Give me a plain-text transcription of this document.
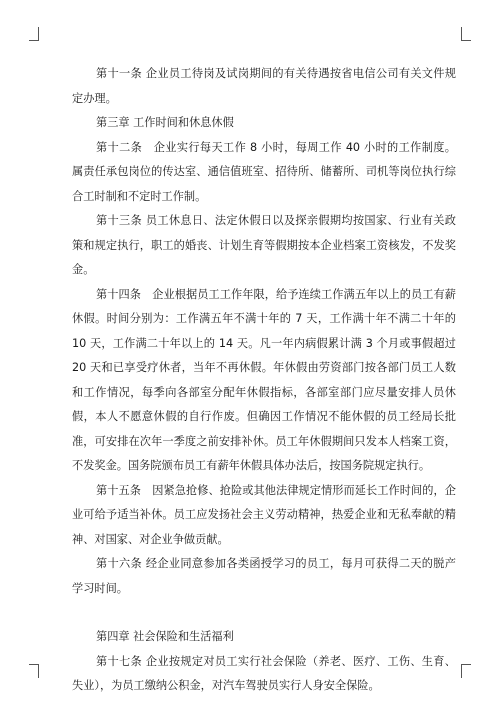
第十一条 企业员工待岗及试岗期间的有关待遇按省电信公司有关文件规定办理。

第三章 工作时间和休息休假

第十二条　企业实行每天工作 8 小时，每周工作 40 小时的工作制度。属责任承包岗位的传达室、通信值班室、招待所、储蓄所、司机等岗位执行综合工时制和不定时工作制。

第十三条 员工休息日、法定休假日以及探亲假期均按国家、行业有关政策和规定执行，职工的婚丧、计划生育等假期按本企业档案工资核发，不发奖金。

第十四条　企业根据员工工作年限，给予连续工作满五年以上的员工有薪休假。时间分别为：工作满五年不满十年的 7 天，工作满十年不满二十年的 10 天，工作满二十年以上的 14 天。凡一年内病假累计满 3 个月或事假超过 20 天和已享受疗休者，当年不再休假。年休假由劳资部门按各部门员工人数和工作情况，每季向各部室分配年休假指标，各部室部门应尽量安排人员休假，本人不愿意休假的自行作废。但确因工作情况不能休假的员工经局长批准，可安排在次年一季度之前安排补休。员工年休假期间只发本人档案工资，不发奖金。国务院颁布员工有薪年休假具体办法后，按国务院规定执行。

第十五条　因紧急抢修、抢险或其他法律规定情形而延长工作时间的，企业可给予适当补休。员工应发扬社会主义劳动精神，热爱企业和无私奉献的精神、对国家、对企业争做贡献。

第十六条 经企业同意参加各类函授学习的员工，每月可获得二天的脱产学习时间。

第四章 社会保险和生活福利

第十七条 企业按规定对员工实行社会保险（养老、医疗、工伤、生育、失业），为员工缴纳公积金，对汽车驾驶员实行人身安全保险。
